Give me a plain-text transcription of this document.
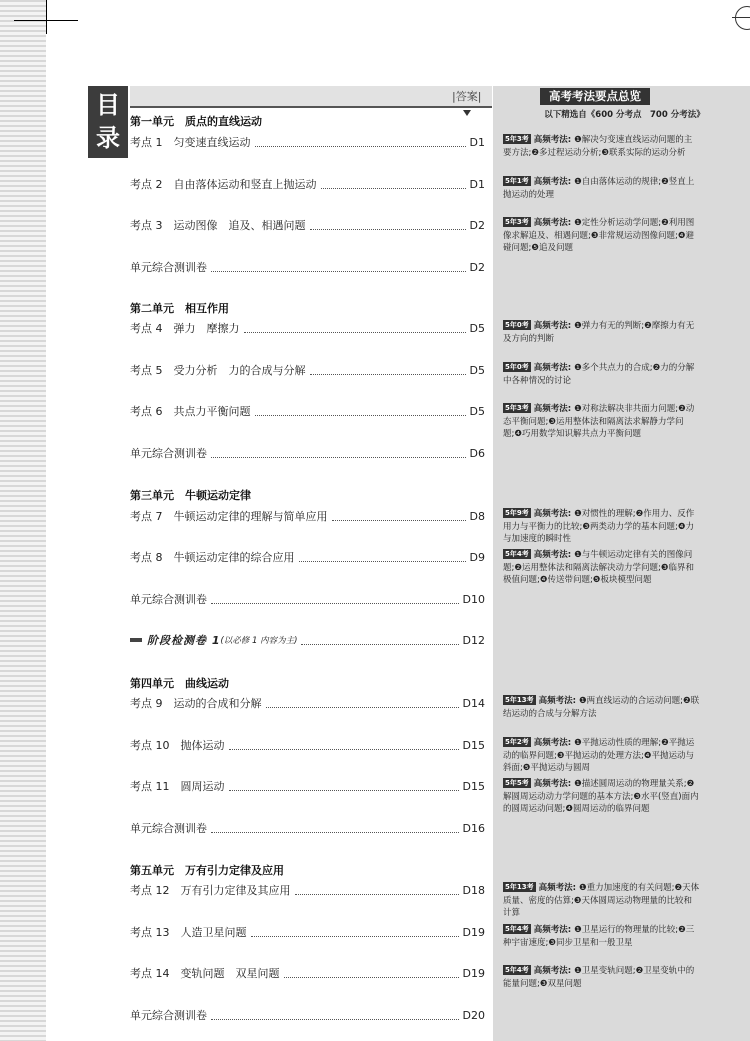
|答案|
目
录
高考考法要点总览
以下精选自《600 分考点　700 分考法》
第一单元　质点的直线运动
第二单元　相互作用
第三单元　牛顿运动定律
第四单元　曲线运动
第五单元　万有引力定律及应用
考点 1　匀变速直线运动	D1
考点 2　自由落体运动和竖直上抛运动	D1
考点 3　运动图像　追及、相遇问题	D2
单元综合测训卷	D2
考点 4　弹力　摩擦力	D5
考点 5　受力分析　力的合成与分解	D5
考点 6　共点力平衡问题	D5
单元综合测训卷	D6
考点 7　牛顿运动定律的理解与简单应用	D8
考点 8　牛顿运动定律的综合应用	D9
单元综合测训卷	D10
阶段检测卷 1 (以必修 1 内容为主)	D12
考点 9　运动的合成和分解	D14
考点 10　抛体运动	D15
考点 11　圆周运动	D15
单元综合测训卷	D16
考点 12　万有引力定律及其应用	D18
考点 13　人造卫星问题	D19
考点 14　变轨问题　双星问题	D19
单元综合测训卷	D20
5年3考 高频考法: ❶解决匀变速直线运动问题的主要方法;❷多过程运动分析;❸联系实际的运动分析
5年1考 高频考法: ❶自由落体运动的规律;❷竖直上抛运动的处理
5年3考 高频考法: ❶定性分析运动学问题;❷利用图像求解追及、相遇问题;❸非常规运动图像问题;❹避碰问题;❺追及问题
5年0考 高频考法: ❶弹力有无的判断;❷摩擦力有无及方向的判断
5年0考 高频考法: ❶多个共点力的合成;❷力的分解中各种情况的讨论
5年3考 高频考法: ❶对称法解决非共面力问题;❷动态平衡问题;❸运用整体法和隔离法求解静力学问题;❹巧用数学知识解共点力平衡问题
5年9考 高频考法: ❶对惯性的理解;❷作用力、反作用力与平衡力的比较;❸两类动力学的基本问题;❹力与加速度的瞬时性
5年4考 高频考法: ❶与牛顿运动定律有关的图像问题;❷运用整体法和隔离法解决动力学问题;❸临界和极值问题;❹传送带问题;❺板块模型问题
5年13考 高频考法: ❶两直线运动的合运动问题;❷联结运动的合成与分解方法
5年2考 高频考法: ❶平抛运动性质的理解;❷平抛运动的临界问题;❸平抛运动的处理方法;❹平抛运动与斜面;❺平抛运动与圆周
5年5考 高频考法: ❶描述圆周运动的物理量关系;❷解圆周运动动力学问题的基本方法;❸水平(竖直)面内的圆周运动问题;❹圆周运动的临界问题
5年13考 高频考法: ❶重力加速度的有关问题;❷天体质量、密度的估算;❸天体圆周运动物理量的比较和计算
5年4考 高频考法: ❶卫星运行的物理量的比较;❷三种宇宙速度;❸同步卫星和一般卫星
5年4考 高频考法: ❶卫星变轨问题;❷卫星变轨中的能量问题;❸双星问题
